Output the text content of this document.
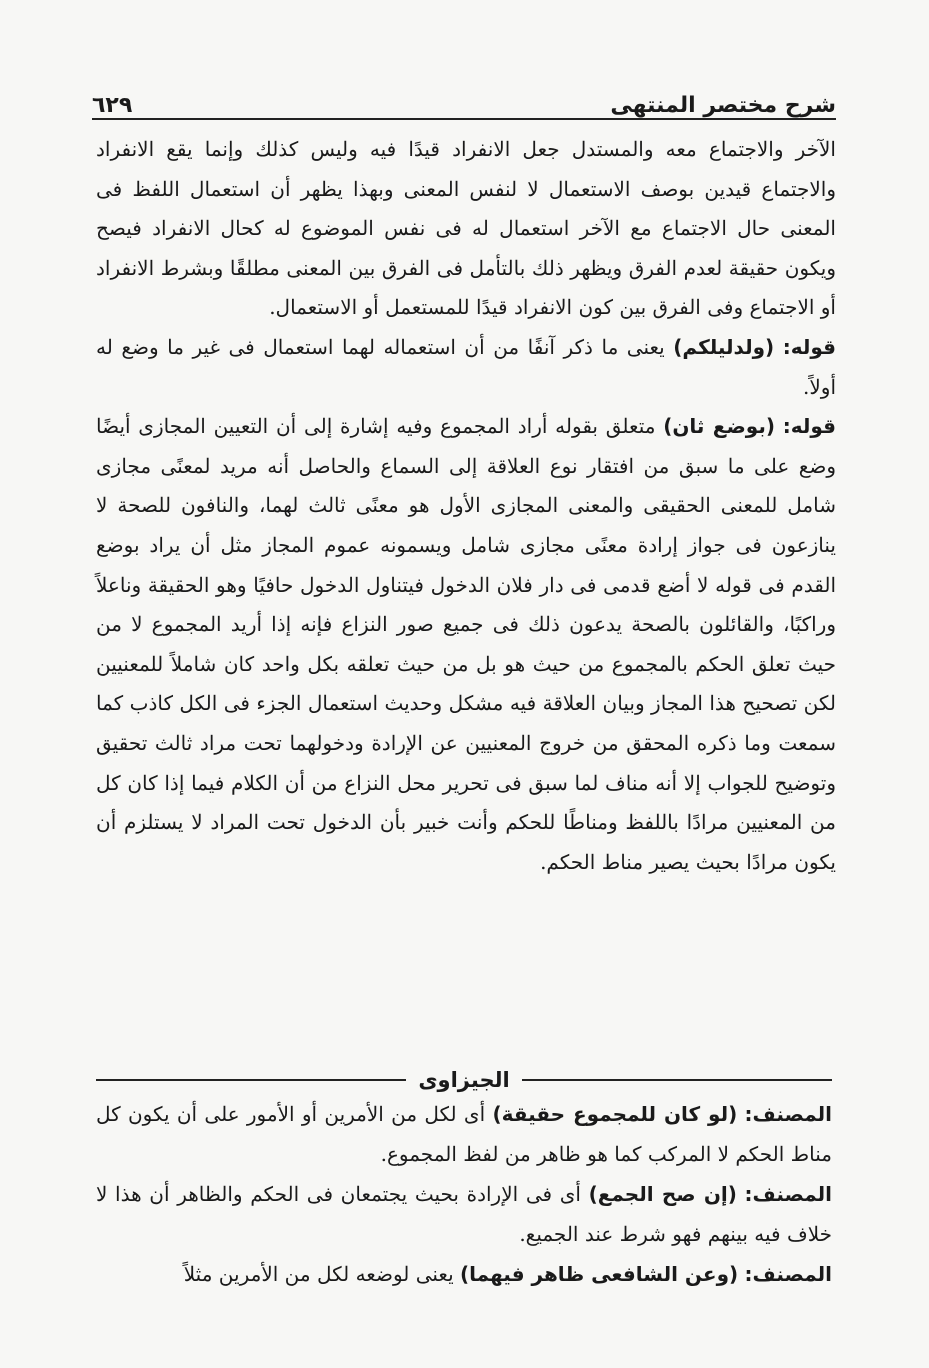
شرح مختصر المنتهى
٦٢٩

الآخر والاجتماع معه والمستدل جعل الانفراد قيدًا فيه وليس كذلك وإنما يقع الانفراد والاجتماع قيدين بوصف الاستعمال لا لنفس المعنى وبهذا يظهر أن استعمال اللفظ فى المعنى حال الاجتماع مع الآخر استعمال له فى نفس الموضوع له كحال الانفراد فيصح ويكون حقيقة لعدم الفرق ويظهر ذلك بالتأمل فى الفرق بين المعنى مطلقًا وبشرط الانفراد أو الاجتماع وفى الفرق بين كون الانفراد قيدًا للمستعمل أو الاستعمال.

قوله: (ولدليلكم) يعنى ما ذكر آنفًا من أن استعماله لهما استعمال فى غير ما وضع له أولاً.

قوله: (بوضع ثان) متعلق بقوله أراد المجموع وفيه إشارة إلى أن التعيين المجازى أيضًا وضع على ما سبق من افتقار نوع العلاقة إلى السماع والحاصل أنه مريد لمعنًى مجازى شامل للمعنى الحقيقى والمعنى المجازى الأول هو معنًى ثالث لهما، والنافون للصحة لا ينازعون فى جواز إرادة معنًى مجازى شامل ويسمونه عموم المجاز مثل أن يراد بوضع القدم فى قوله لا أضع قدمى فى دار فلان الدخول فيتناول الدخول حافيًا وهو الحقيقة وناعلاً وراكبًا، والقائلون بالصحة يدعون ذلك فى جميع صور النزاع فإنه إذا أريد المجموع لا من حيث تعلق الحكم بالمجموع من حيث هو بل من حيث تعلقه بكل واحد كان شاملاً للمعنيين لكن تصحيح هذا المجاز وبيان العلاقة فيه مشكل وحديث استعمال الجزء فى الكل كاذب كما سمعت وما ذكره المحقق من خروج المعنيين عن الإرادة ودخولهما تحت مراد ثالث تحقيق وتوضيح للجواب إلا أنه مناف لما سبق فى تحرير محل النزاع من أن الكلام فيما إذا كان كل من المعنيين مرادًا باللفظ ومناطًا للحكم وأنت خبير بأن الدخول تحت المراد لا يستلزم أن يكون مرادًا بحيث يصير مناط الحكم.

الجيزاوى

المصنف: (لو كان للمجموع حقيقة) أى لكل من الأمرين أو الأمور على أن يكون كل مناط الحكم لا المركب كما هو ظاهر من لفظ المجموع.

المصنف: (إن صح الجمع) أى فى الإرادة بحيث يجتمعان فى الحكم والظاهر أن هذا لا خلاف فيه بينهم فهو شرط عند الجميع.

المصنف: (وعن الشافعى ظاهر فيهما) يعنى لوضعه لكل من الأمرين مثلاً
